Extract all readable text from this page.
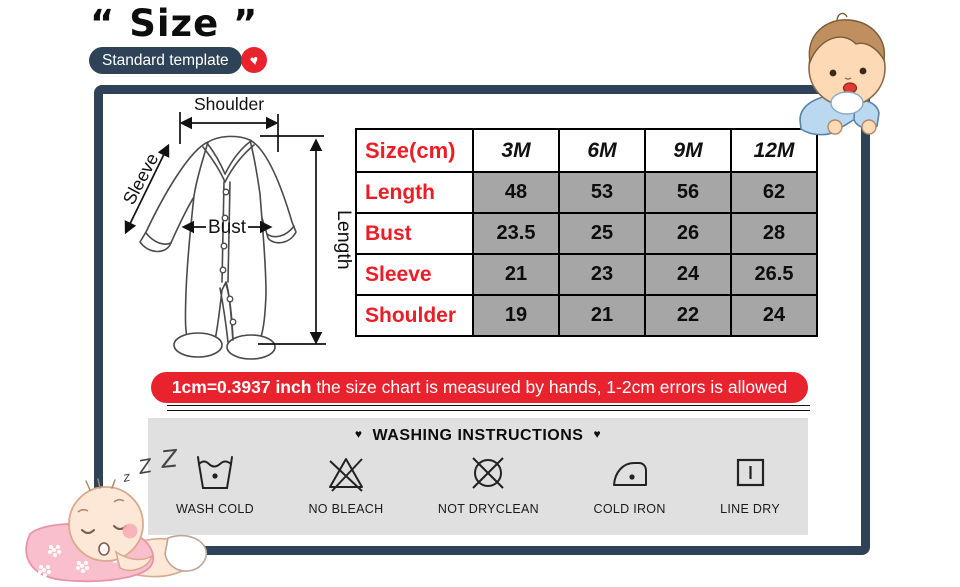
“ Size ”
Standard template	♥
Shoulder
Sleeve
Bust	Length
Size(cm)	3M	6M	9M	12M
Length	48	53	56	62
Bust	23.5	25	26	28
Sleeve	21	23	24	26.5
Shoulder	19	21	22	24
1cm=0.3937 inch the size chart is measured by hands, 1-2cm errors is allowed
♥ WASHING INSTRUCTIONS ♥
WASH COLD	NO BLEACH	NOT DRYCLEAN	COLD IRON	LINE DRY
z Z Z
